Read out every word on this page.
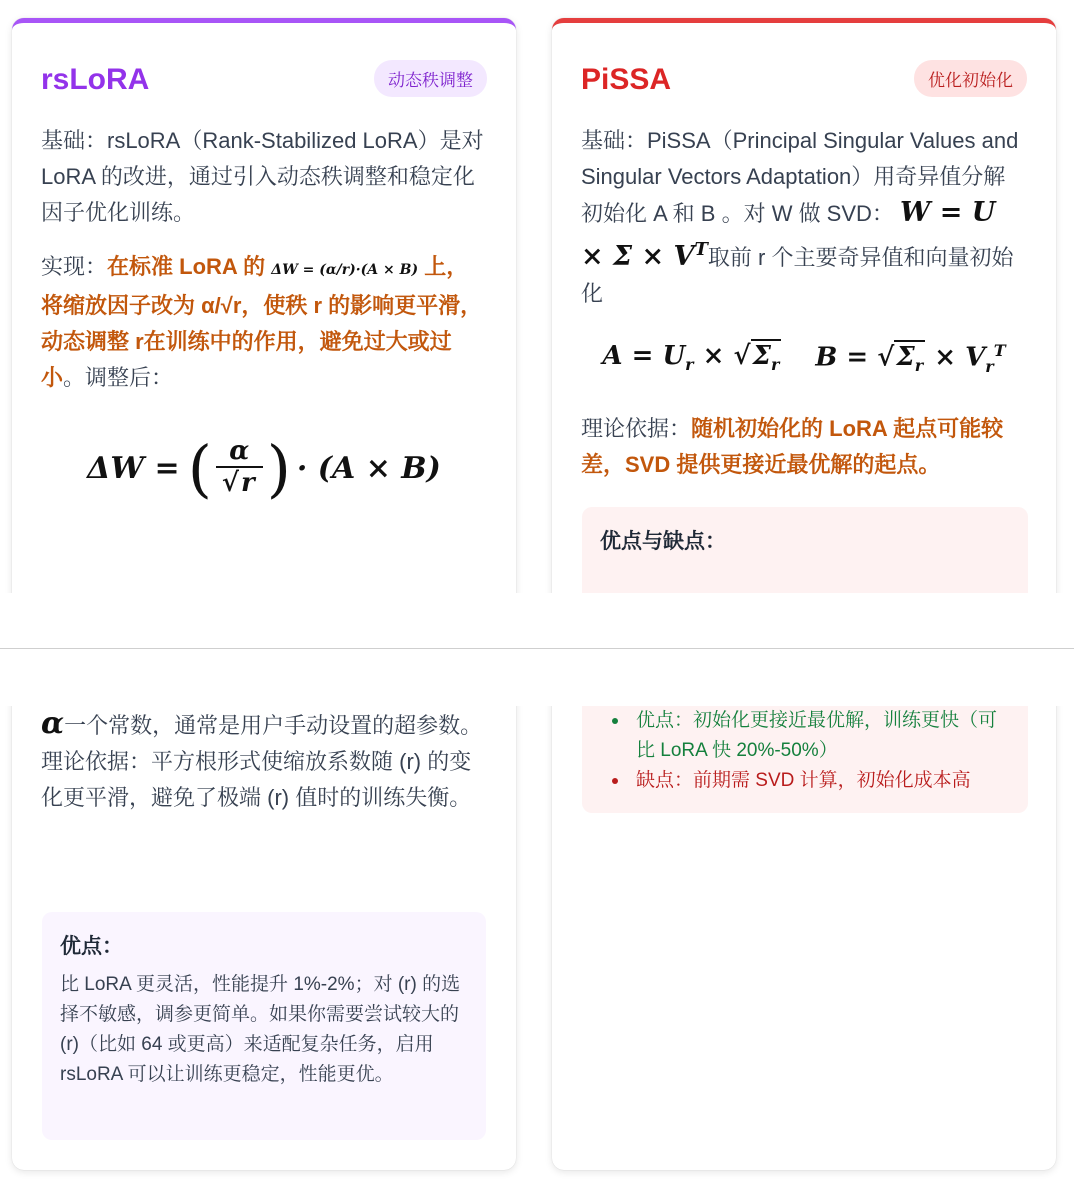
rsLoRA	动态秩调整

基础：rsLoRA（Rank-Stabilized LoRA）是对 LoRA 的改进，通过引入动态秩调整和稳定化因子优化训练。

实现：在标准 LoRA 的 ΔW = (α/r)·(A × B) 上，将缩放因子改为 α/√r，使秩 r 的影响更平滑，动态调整 r在训练中的作用，避免过大或过小。调整后：

ΔW = ( $\frac{\alpha}{√r}$ ) · (A × B)
PiSSA	优化初始化

基础：PiSSA（Principal Singular Values and Singular Vectors Adaptation）用奇异值分解初始化 A 和 B 。对 W 做 SVD： $W = U \times \Sigma \times V^T$取前 r 个主要奇异值和向量初始化

$A = U_r \times √\Sigma_r$ $B = √\Sigma_r \times V_r^T$

理论依据：随机初始化的 LoRA 起点可能较差，SVD 提供更接近最优解的起点。

优点与缺点：

α一个常数，通常是用户手动设置的超参数。

理论依据：平方根形式使缩放系数随 (r) 的变化更平滑，避免了极端 (r) 值时的训练失衡。

优点：
比 LoRA 更灵活，性能提升 1%-2%；对 (r) 的选择不敏感，调参更简单。如果你需要尝试较大的 (r)（比如 64 或更高）来适配复杂任务，启用 rsLoRA 可以让训练更稳定，性能更优。
优点：初始化更接近最优解，训练更快（可比 LoRA 快 20%-50%）
缺点：前期需 SVD 计算，初始化成本高
